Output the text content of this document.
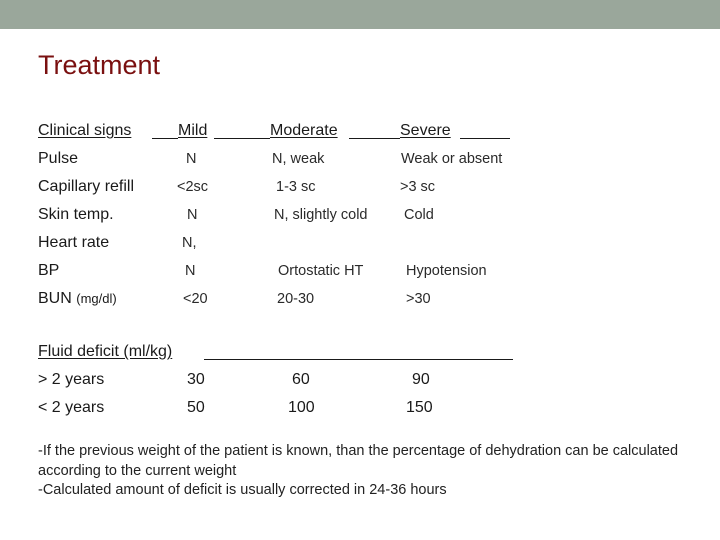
Treatment
Clinical signs	Mild	Moderate	Severe
Pulse	N	N, weak	Weak or absent
Capillary refill	<2sc	1-3 sc	>3 sc
Skin temp.	N	N, slightly cold	Cold
Heart rate	N,
BP	N	Ortostatic HT	Hypotension
BUN (mg/dl)	<20	20-30	>30
Fluid deficit (ml/kg)
> 2 years	30	60	90
< 2 years	50	100	150
-If the previous weight of the patient is known, than the percentage of dehydration can be calculated according to the current weight
-Calculated amount of deficit is usually corrected in 24-36 hours
